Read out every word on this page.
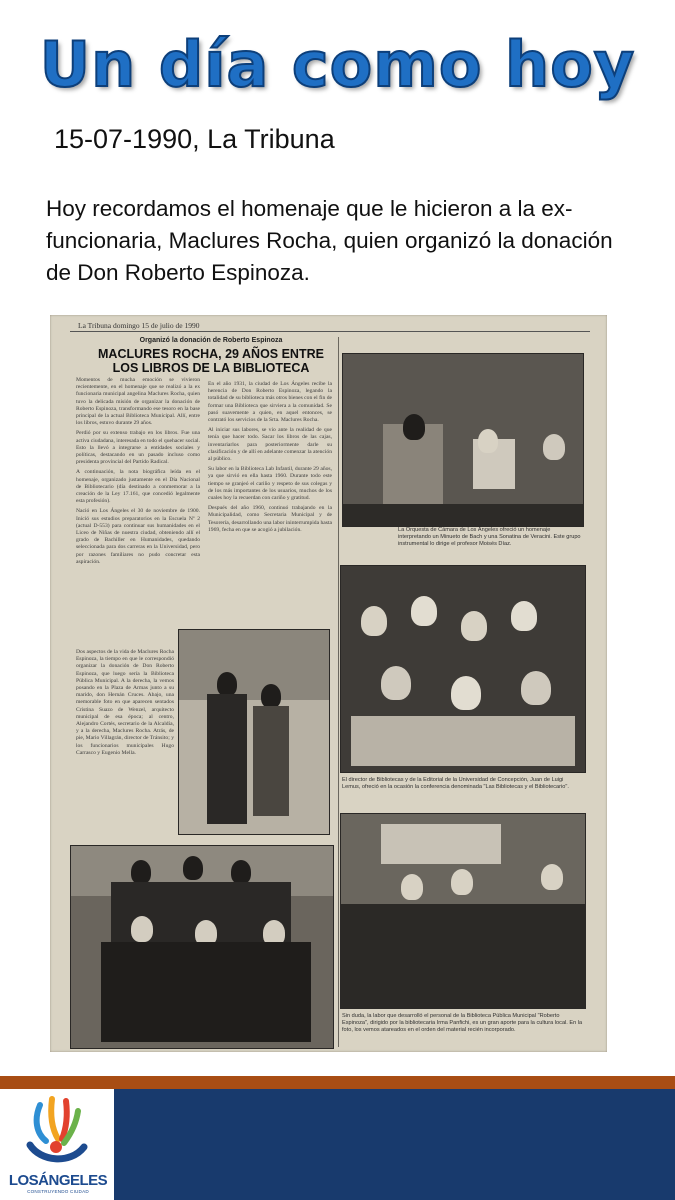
Un día como hoy
15-07-1990, La Tribuna
Hoy recordamos el homenaje que le hicieron a la ex-funcionaria, Maclures Rocha, quien organizó la donación de Don Roberto Espinoza.
La Tribuna domingo 15 de julio de 1990
Organizó la donación de Roberto Espinoza
MACLURES ROCHA, 29 AÑOS ENTRE LOS LIBROS DE LA BIBLIOTECA

Momentos de mucha emoción se vivieron recientemente, en el homenaje que se realizó a la ex funcionaria municipal angelina Maclures Rocha, quien tuvo la delicada misión de organizar la donación de Roberto Espinoza, transformando ese tesoro en la base principal de la actual Biblioteca Municipal. Allí, entre los libros, estuvo durante 29 años.

Perdió por su extenso trabajo en los libros. Fue una activa ciudadana, interesada en todo el quehacer social. Esto la llevó a integrarse a entidades sociales y políticas, destacando en un pasado incluso como presidenta provincial del Partido Radical.

A continuación, la nota biográfica leída en el homenaje, organizado justamente en el Día Nacional de Bibliotecario (día destinado a conmemorar a la creación de la Ley 17.161, que concedió legalmente esta profesión).

Nació en Los Ángeles el 30 de noviembre de 1900. Inició sus estudios preparatorios en la Escuela Nº 2 (actual D-553) para continuar sus humanidades en el Liceo de Niñas de nuestra ciudad, obteniendo allí el grado de Bachiller en Humanidades, quedando seleccionada para dos carreras en la Universidad, pero por razones familiares no pudo concretar esta aspiración.

En el año 1931, la ciudad de Los Ángeles recibe la herencia de Don Roberto Espinoza, legando la totalidad de su biblioteca más otros bienes con el fin de formar una Biblioteca que sirviera a la comunidad. Se pasó suavemente a quien, en aquel entonces, se contrató los servicios de la Srta. Maclures Rocha.

Al iniciar sus labores, se vio ante la realidad de que tenía que hacer todo. Sacar los libros de las cajas, inventariarlos para posteriormente darle su clasificación y de allí en adelante comenzar la atención al público.

Su labor en la Biblioteca Lab Infantil, durante 29 años, ya que sirvió en ella hasta 1960. Durante todo este tiempo se granjeó el cariño y respeto de sus colegas y de los más importantes de los usuarios, muchos de los cuales hoy la recuerdan con cariño y gratitud.

Después del año 1960, continuó trabajando en la Municipalidad, como Secretaria Municipal y de Tesorería, desarrollando una labor ininterrumpida hasta 1969, fecha en que se acogió a jubilación.	La Orquesta de Cámara de Los Ángeles ofreció un homenaje interpretando un Minueto de Bach y una Sonatina de Veracini. Este grupo instrumental lo dirige el profesor Moisés Díaz.
El director de Bibliotecas y de la Editorial de la Universidad de Concepción, Juan de Luigi Lemus, ofreció en la ocasión la conferencia denominada "Las Bibliotecas y el Bibliotecario".
Sin duda, la labor que desarrolló el personal de la Biblioteca Pública Municipal "Roberto Espinoza", dirigido por la bibliotecaria Irma Panfichi, es un gran aporte para la cultura local. En la foto, los vemos atareados en el orden del material recién incorporado.

Dos aspectos de la vida de Maclures Rocha Espinoza, la tiempo en que le correspondió organizar la donación de Don Roberto Espinoza, que luego sería la Biblioteca Pública Municipal. A la derecha, la vemos posando en la Plaza de Armas junto a su marido, don Hernán Cruces. Abajo, una memorable foto en que aparecen sentados Cristina Suazo de Wenzel, arquitecto municipal de esa época; al centro, Alejandro Cortés, secretario de la Alcaldía, y a la derecha, Maclures Rocha. Atrás, de pie, Mario Villagrán, director de Tránsito; y los funcionarios municipales Hugo Carrasco y Eugenio Mella.

LOSÁNGELES
CONSTRUYENDO CIUDAD
